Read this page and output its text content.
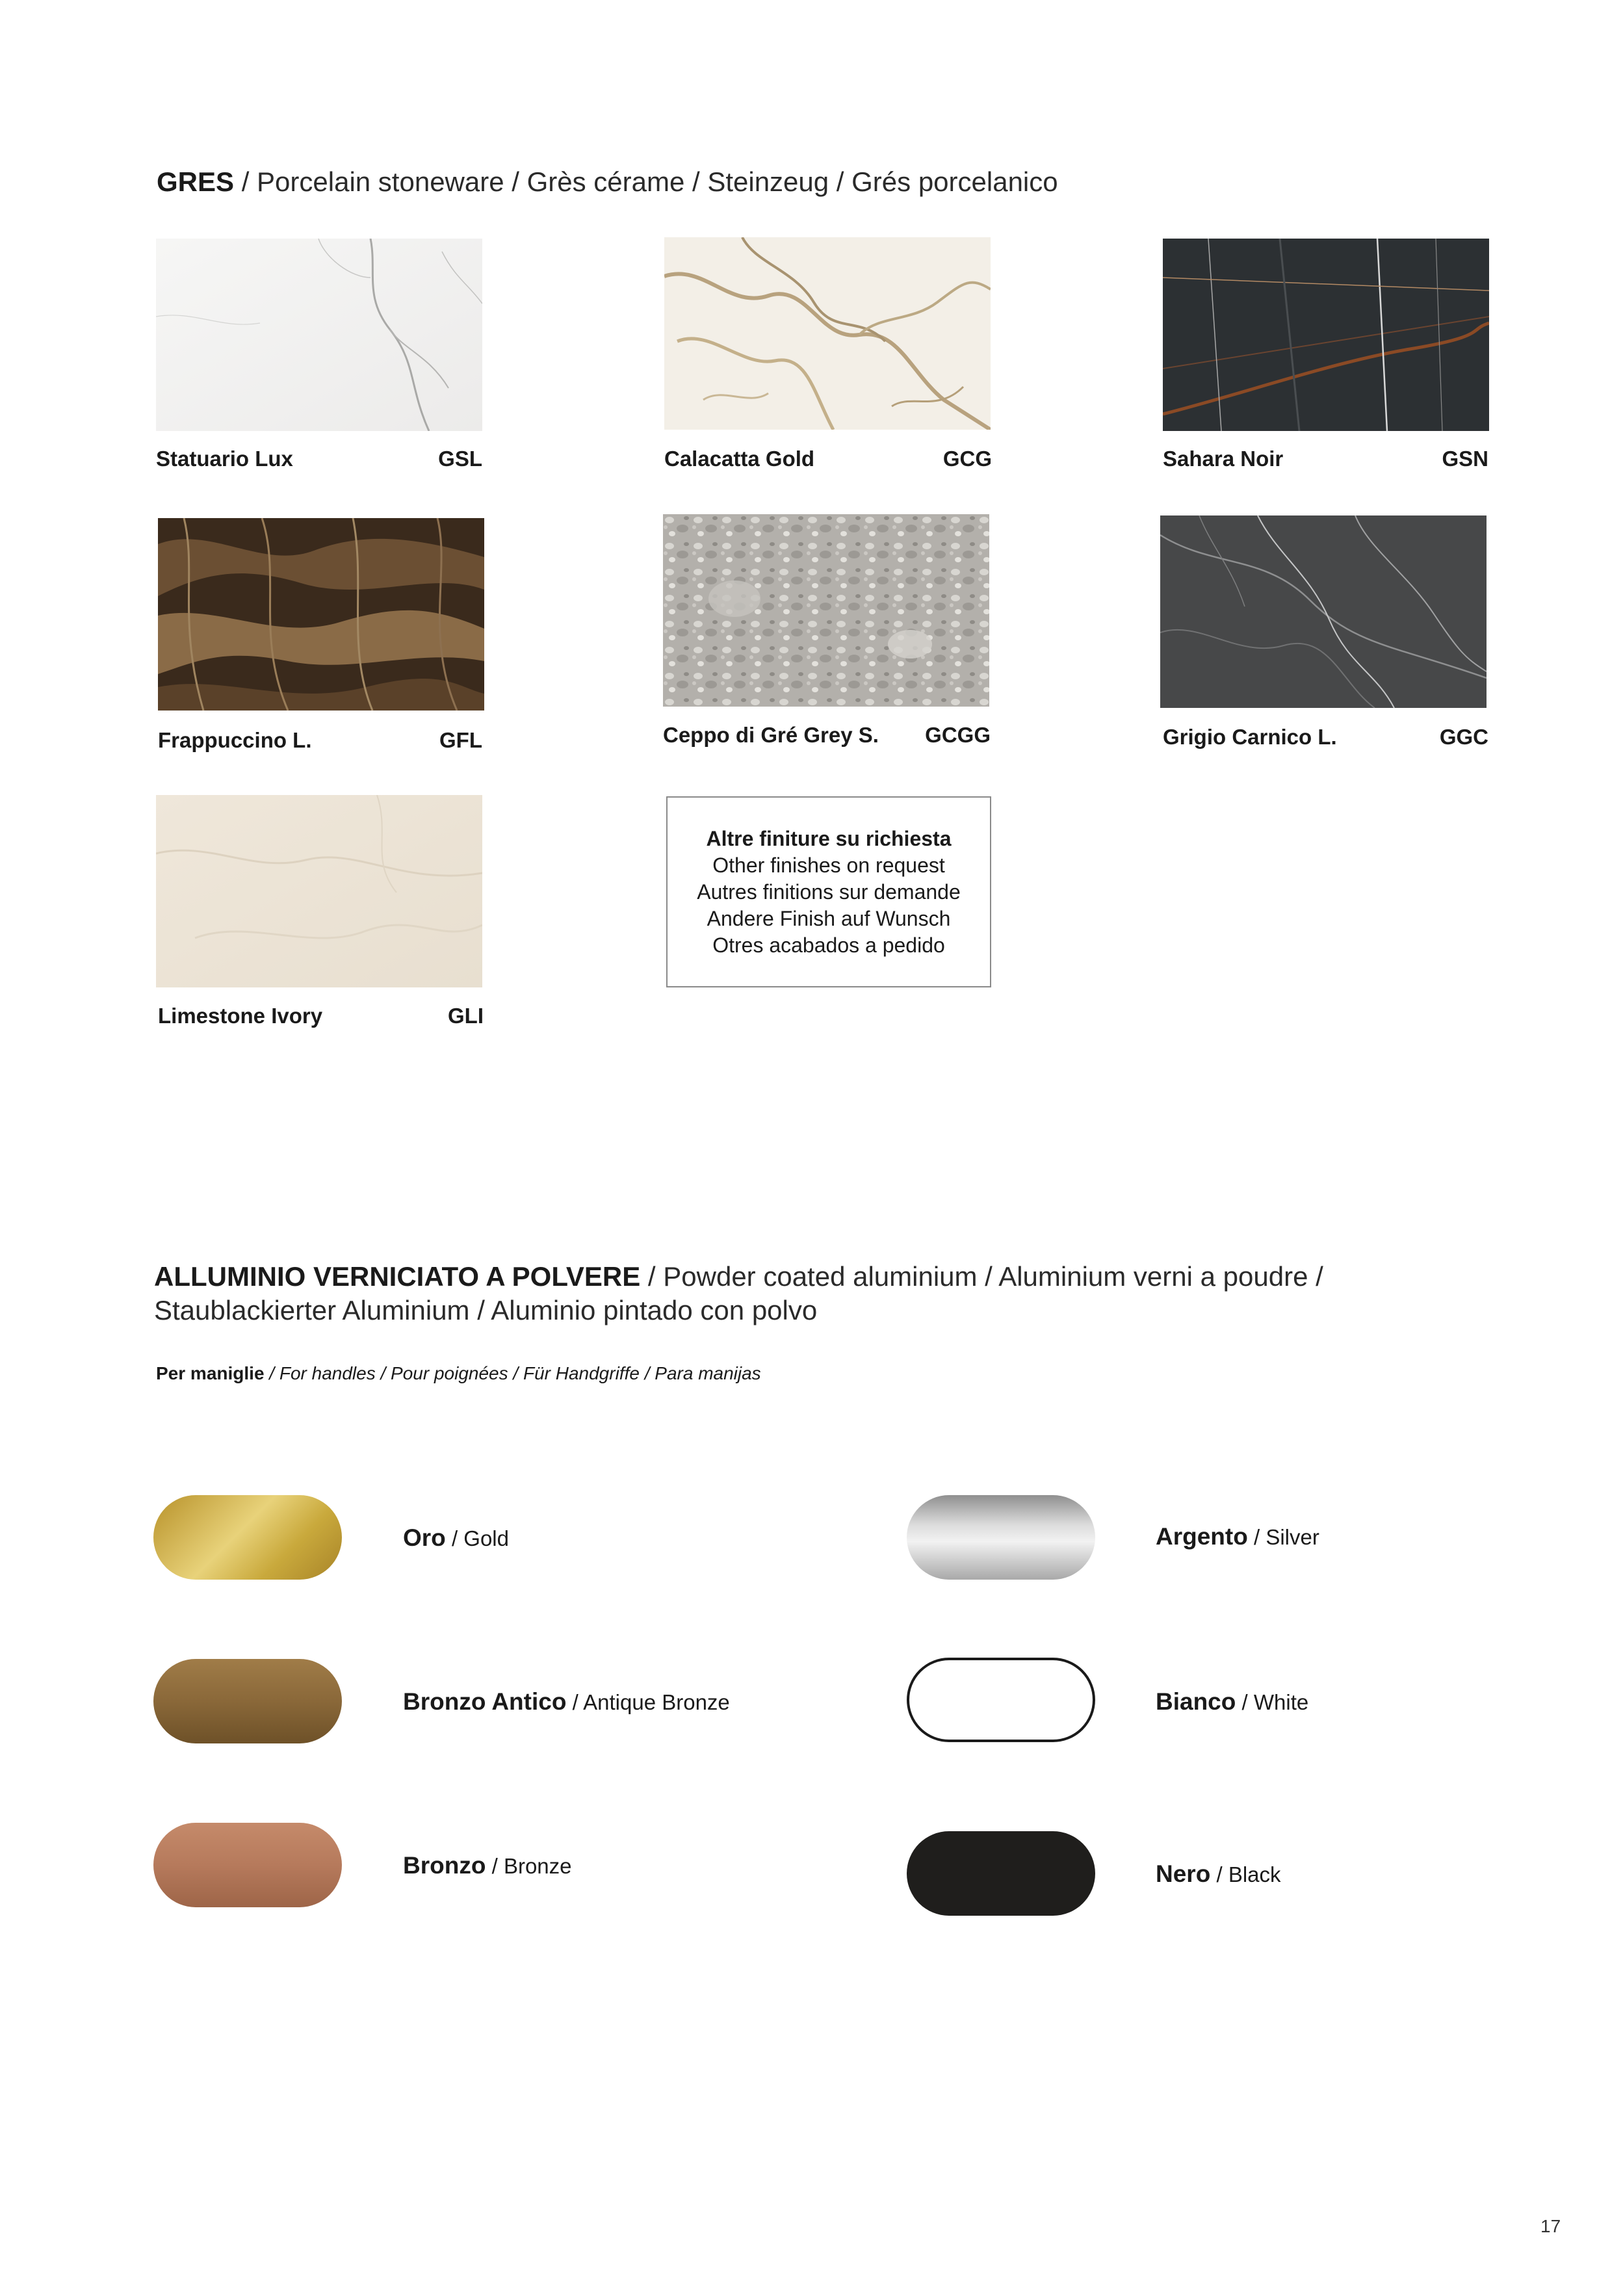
GRES / Porcelain stoneware / Grès cérame / Steinzeug / Grés porcelanico
Statuario Lux	GSL	Calacatta Gold	GCG	Sahara Noir	GSN
Frappuccino L.	GFL	Ceppo di Gré Grey S.	GCGG	Grigio Carnico L.	GGC
Limestone Ivory	GLI
Altre finiture su richiesta
Other finishes on request
Autres finitions sur demande
Andere Finish auf Wunsch
Otres acabados a pedido
ALLUMINIO VERNICIATO A POLVERE / Powder coated aluminium / Aluminium verni a poudre /
Staublackierter Aluminium / Aluminio pintado con polvo
Per maniglie / For handles / Pour poignées / Für Handgriffe / Para manijas
Oro / Gold
Bronzo Antico / Antique Bronze
Bronzo / Bronze
Argento / Silver
Bianco / White
Nero / Black
17
